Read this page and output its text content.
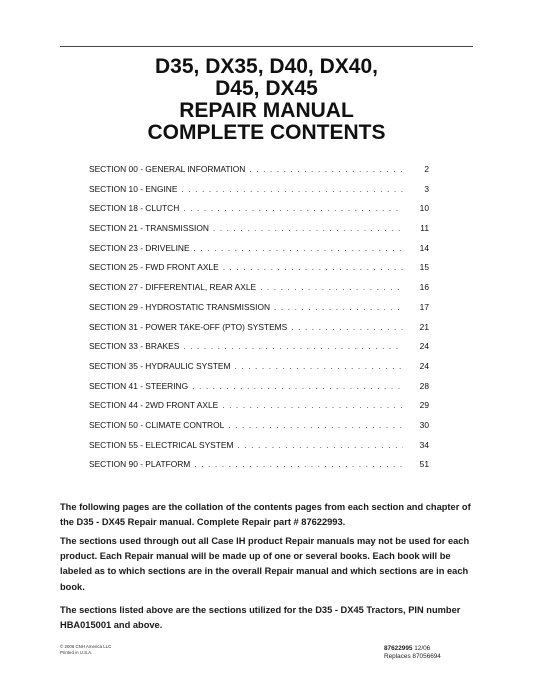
D35, DX35, D40, DX40,
D45, DX45
REPAIR MANUAL
COMPLETE CONTENTS
SECTION 00 - GENERAL INFORMATION . . .	2
SECTION 10 - ENGINE . . .	3
SECTION 18 - CLUTCH . . .	10
SECTION 21 - TRANSMISSION . . .	11
SECTION 23 - DRIVELINE . . .	14
SECTION 25 - FWD FRONT AXLE . . .	15
SECTION 27 - DIFFERENTIAL, REAR AXLE . . .	16
SECTION 29 - HYDROSTATIC TRANSMISSION . . .	17
SECTION 31 - POWER TAKE-OFF (PTO) SYSTEMS . . .	21
SECTION 33 - BRAKES . . .	24
SECTION 35 - HYDRAULIC SYSTEM . . .	24
SECTION 41 - STEERING . . .	28
SECTION 44 - 2WD FRONT AXLE . . .	29
SECTION 50 - CLIMATE CONTROL . . .	30
SECTION 55 - ELECTRICAL SYSTEM . . .	34
SECTION 90 - PLATFORM . . .	51
The following pages are the collation of the contents pages from each section and chapter of the D35 - DX45 Repair manual. Complete Repair part # 87622993.
The sections used through out all Case IH product Repair manuals may not be used for each product. Each Repair manual will be made up of one or several books. Each book will be labeled as to which sections are in the overall Repair manual and which sections are in each book.
The sections listed above are the sections utilized for the D35 - DX45 Tractors, PIN number HBA015001 and above.
© 2006 CNH America LLC
Printed in U.S.A.
87622995 12/06
Replaces 87056694
